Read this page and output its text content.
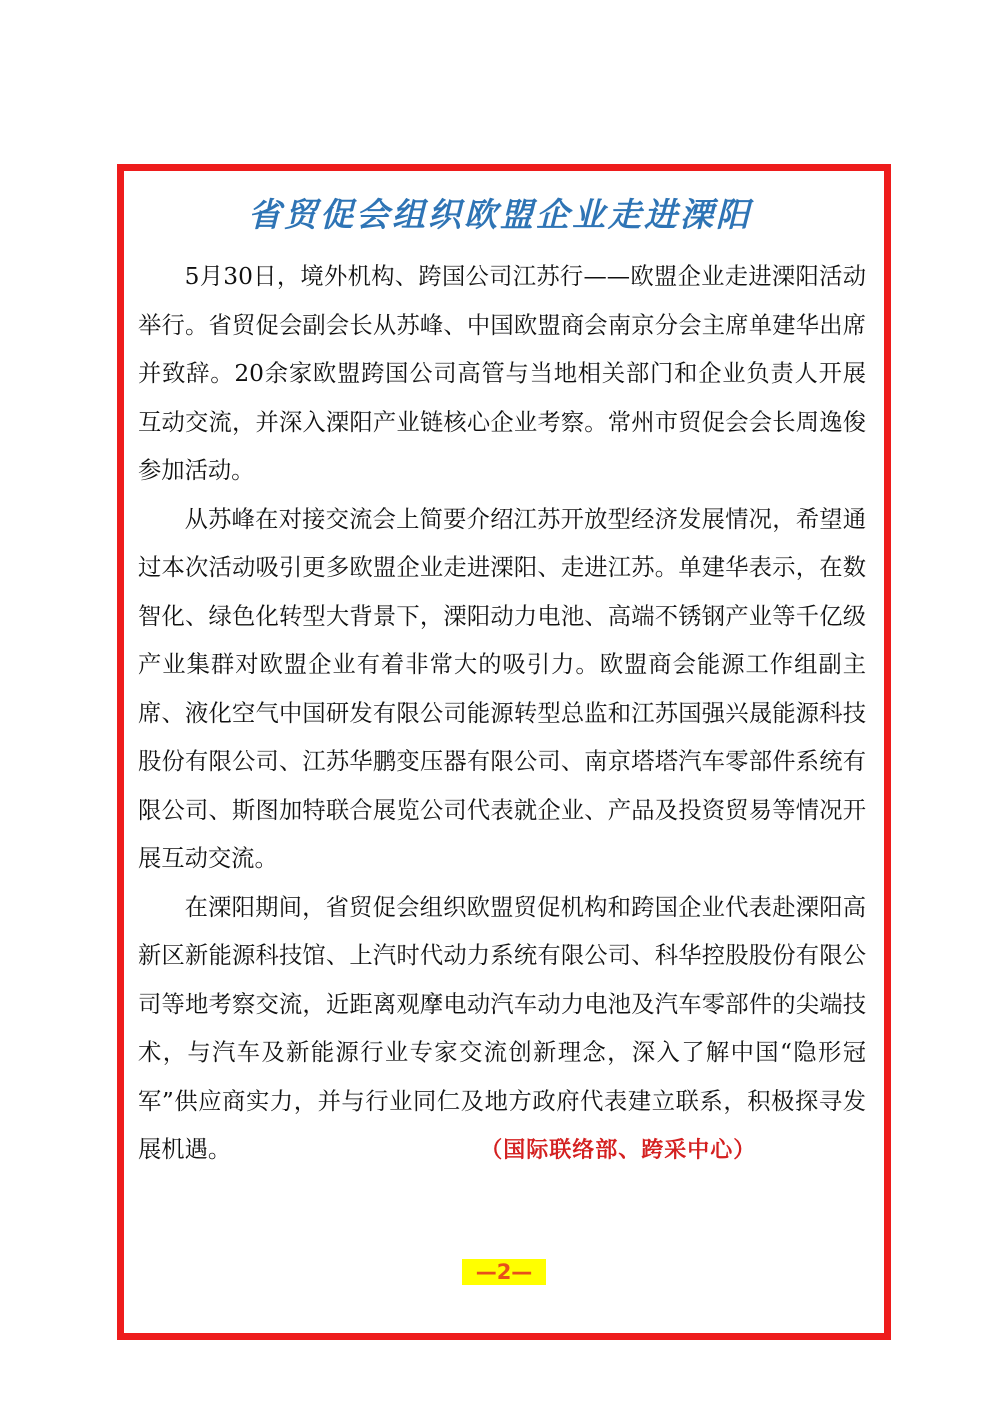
省贸促会组织欧盟企业走进溧阳

5月30日，境外机构、跨国公司江苏行——欧盟企业走进溧阳活动举行。省贸促会副会长从苏峰、中国欧盟商会南京分会主席单建华出席并致辞。20余家欧盟跨国公司高管与当地相关部门和企业负责人开展互动交流，并深入溧阳产业链核心企业考察。常州市贸促会会长周逸俊参加活动。

从苏峰在对接交流会上简要介绍江苏开放型经济发展情况，希望通过本次活动吸引更多欧盟企业走进溧阳、走进江苏。单建华表示，在数智化、绿色化转型大背景下，溧阳动力电池、高端不锈钢产业等千亿级产业集群对欧盟企业有着非常大的吸引力。欧盟商会能源工作组副主席、液化空气中国研发有限公司能源转型总监和江苏国强兴晟能源科技股份有限公司、江苏华鹏变压器有限公司、南京塔塔汽车零部件系统有限公司、斯图加特联合展览公司代表就企业、产品及投资贸易等情况开展互动交流。

在溧阳期间，省贸促会组织欧盟贸促机构和跨国企业代表赴溧阳高新区新能源科技馆、上汽时代动力系统有限公司、科华控股股份有限公司等地考察交流，近距离观摩电动汽车动力电池及汽车零部件的尖端技术，与汽车及新能源行业专家交流创新理念，深入了解中国“隐形冠军”供应商实力，并与行业同仁及地方政府代表建立联系，积极探寻发展机遇。	（国际联络部、跨采中心）

—2—
